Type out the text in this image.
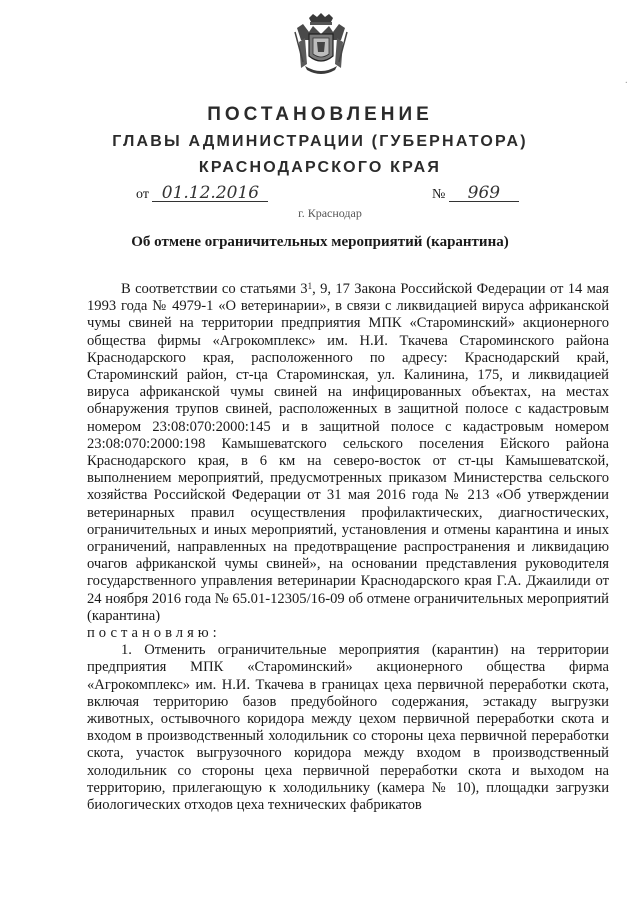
·
ПОСТАНОВЛЕНИЕ
ГЛАВЫ АДМИНИСТРАЦИИ (ГУБЕРНАТОРА)
КРАСНОДАРСКОГО КРАЯ
от 01.12.2016	№ 969
г. Краснодар
Об отмене ограничительных мероприятий (карантина)

В соответствии со статьями $3^1$, 9, 17 Закона Российской Федерации от 14 мая 1993 года № 4979-1 «О ветеринарии», в связи с ликвидацией вируса африканской чумы свиней на территории предприятия МПК «Староминский» акционерного общества фирмы «Агрокомплекс» им. Н.И. Ткачева Староминского района Краснодарского края, расположенного по адресу: Краснодарский край, Староминский район, ст-ца Староминская, ул. Калинина, 175, и ликвидацией вируса африканской чумы свиней на инфицированных объектах, на местах обнаружения трупов свиней, расположенных в защитной полосе с кадастровым номером 23:08:070:2000:145 и в защитной полосе с кадастровым номером 23:08:070:2000:198 Камышеватского сельского поселения Ейского района Краснодарского края, в 6 км на северо-восток от ст-цы Камышеватской, выполнением мероприятий, предусмотренных приказом Министерства сельского хозяйства Российской Федерации от 31 мая 2016 года № 213 «Об утверждении ветеринарных правил осуществления профилактических, диагностических, ограничительных и иных мероприятий, установления и отмены карантина и иных ограничений, направленных на предотвращение распространения и ликвидацию очагов африканской чумы свиней», на основании представления руководителя государственного управления ветеринарии Краснодарского края Г.А. Джаилиди от 24 ноября 2016 года № 65.01-12305/16-09 об отмене ограничительных мероприятий (карантина)

постановляю:

1. Отменить ограничительные мероприятия (карантин) на территории предприятия МПК «Староминский» акционерного общества фирма «Агрокомплекс» им. Н.И. Ткачева в границах цеха первичной переработки скота, включая территорию базов предубойного содержания, эстакаду выгрузки животных, остывочного коридора между цехом первичной переработки скота и входом в производственный холодильник со стороны цеха первичной переработки скота, участок выгрузочного коридора между входом в производственный холодильник со стороны цеха первичной переработки скота и выходом на территорию, прилегающую к холодильнику (камера № 10), площадки загрузки биологических отходов цеха технических фабрикатов
